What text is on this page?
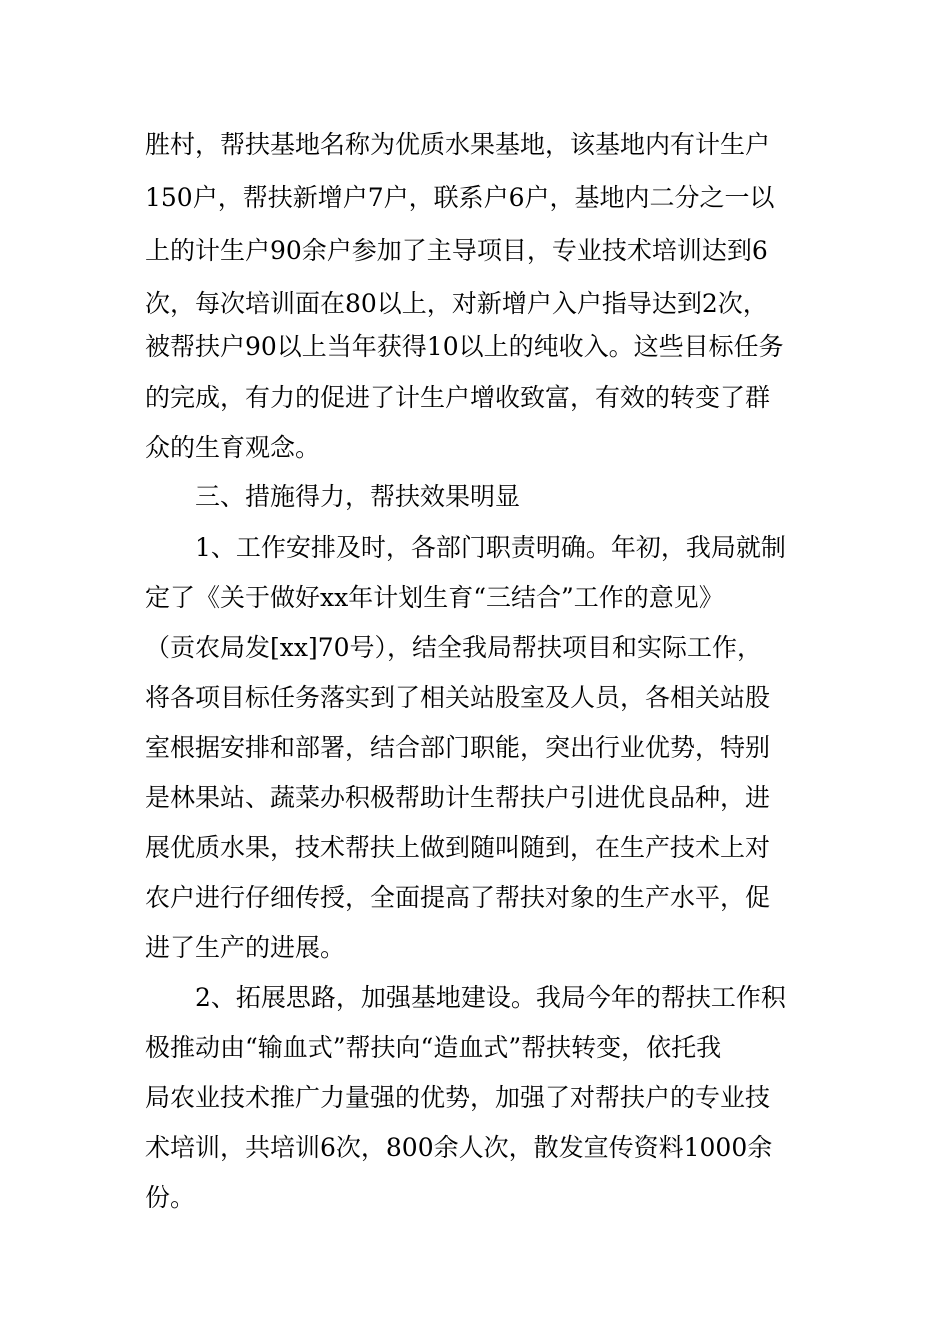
胜村，帮扶基地名称为优质水果基地，该基地内有计生户
150户，帮扶新增户7户，联系户6户，基地内二分之一以
上的计生户90余户参加了主导项目，专业技术培训达到6
次，每次培训面在80以上，对新增户入户指导达到2次，
被帮扶户90以上当年获得10以上的纯收入。这些目标任务
的完成，有力的促进了计生户增收致富，有效的转变了群
众的生育观念。
三、措施得力，帮扶效果明显
1、工作安排及时，各部门职责明确。年初，我局就制
定了《关于做好xx年计划生育“三结合”工作的意见》
（贡农局发[xx]70号），结全我局帮扶项目和实际工作，
将各项目标任务落实到了相关站股室及人员，各相关站股
室根据安排和部署，结合部门职能，突出行业优势，特别
是林果站、蔬菜办积极帮助计生帮扶户引进优良品种，进
展优质水果，技术帮扶上做到随叫随到，在生产技术上对
农户进行仔细传授，全面提高了帮扶对象的生产水平，促
进了生产的进展。
2、拓展思路，加强基地建设。我局今年的帮扶工作积
极推动由“输血式”帮扶向“造血式”帮扶转变，依托我
局农业技术推广力量强的优势，加强了对帮扶户的专业技
术培训，共培训6次，800余人次，散发宣传资料1000余
份。
